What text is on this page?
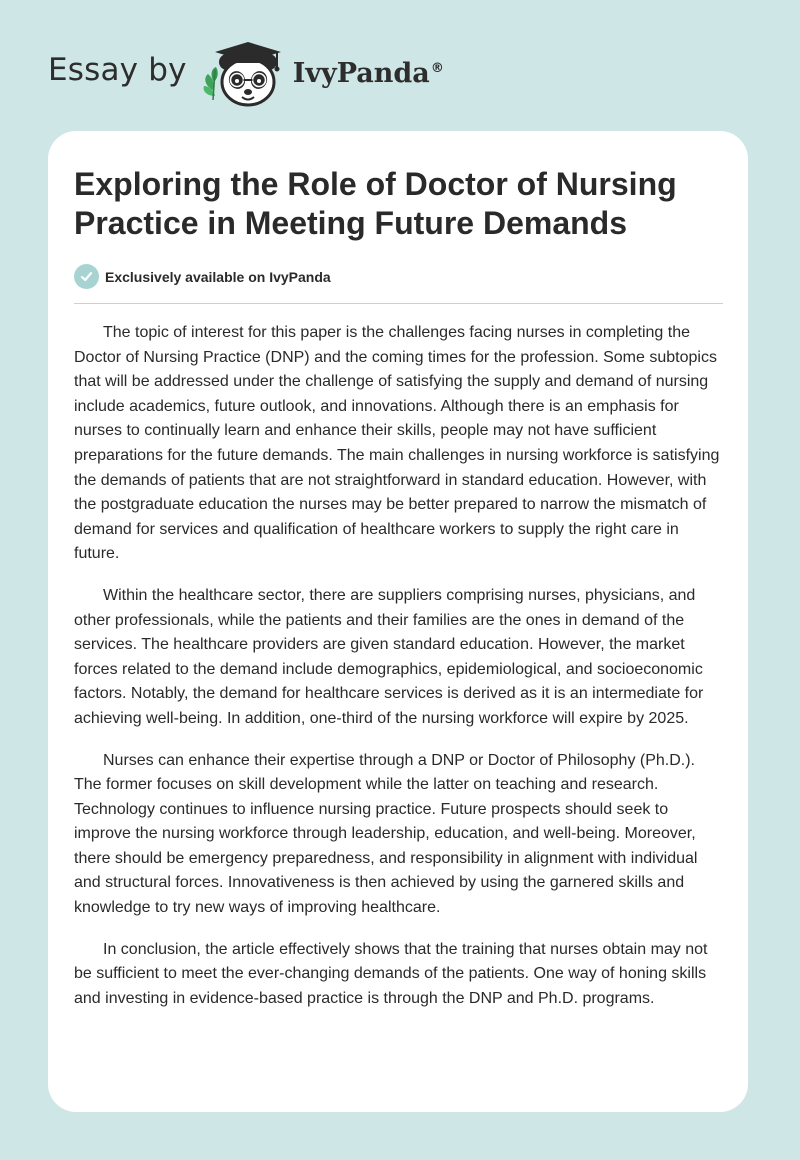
Essay by	IvyPanda®
Exploring the Role of Doctor of Nursing Practice in Meeting Future Demands
Exclusively available on IvyPanda

The topic of interest for this paper is the challenges facing nurses in completing the Doctor of Nursing Practice (DNP) and the coming times for the profession. Some subtopics that will be addressed under the challenge of satisfying the supply and demand of nursing include academics, future outlook, and innovations. Although there is an emphasis for nurses to continually learn and enhance their skills, people may not have sufficient preparations for the future demands. The main challenges in nursing workforce is satisfying the demands of patients that are not straightforward in standard education. However, with the postgraduate education the nurses may be better prepared to narrow the mismatch of demand for services and qualification of healthcare workers to supply the right care in future.

Within the healthcare sector, there are suppliers comprising nurses, physicians, and other professionals, while the patients and their families are the ones in demand of the services. The healthcare providers are given standard education. However, the market forces related to the demand include demographics, epidemiological, and socioeconomic factors. Notably, the demand for healthcare services is derived as it is an intermediate for achieving well-being. In addition, one-third of the nursing workforce will expire by 2025.

Nurses can enhance their expertise through a DNP or Doctor of Philosophy (Ph.D.). The former focuses on skill development while the latter on teaching and research. Technology continues to influence nursing practice. Future prospects should seek to improve the nursing workforce through leadership, education, and well-being. Moreover, there should be emergency preparedness, and responsibility in alignment with individual and structural forces. Innovativeness is then achieved by using the garnered skills and knowledge to try new ways of improving healthcare.

In conclusion, the article effectively shows that the training that nurses obtain may not be sufficient to meet the ever-changing demands of the patients. One way of honing skills and investing in evidence-based practice is through the DNP and Ph.D. programs.
